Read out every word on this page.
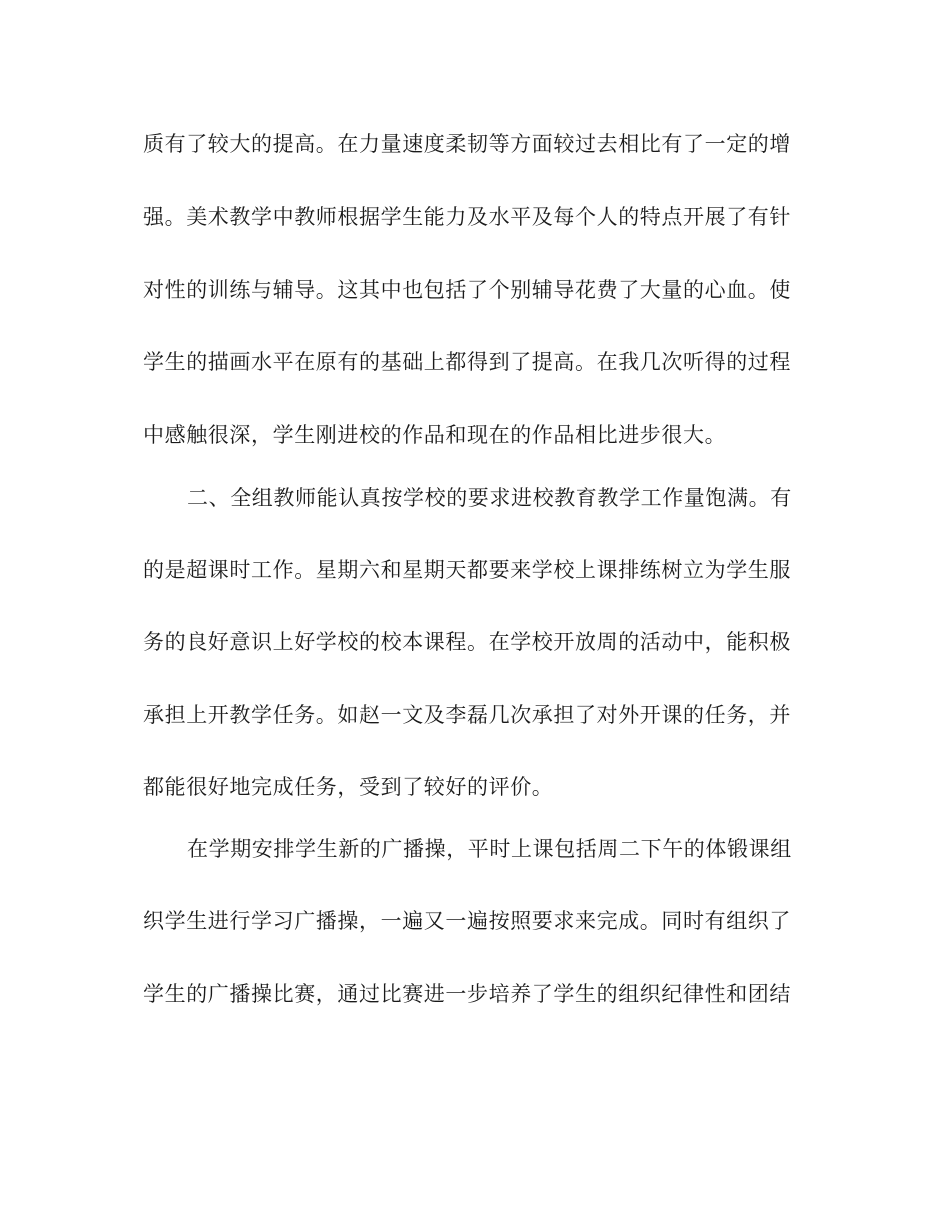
质有了较大的提高。在力量速度柔韧等方面较过去相比有了一定的增
强。美术教学中教师根据学生能力及水平及每个人的特点开展了有针
对性的训练与辅导。这其中也包括了个别辅导花费了大量的心血。使
学生的描画水平在原有的基础上都得到了提高。在我几次听得的过程
中感触很深，学生刚进校的作品和现在的作品相比进步很大。
二、全组教师能认真按学校的要求进校教育教学工作量饱满。有
的是超课时工作。星期六和星期天都要来学校上课排练树立为学生服
务的良好意识上好学校的校本课程。在学校开放周的活动中，能积极
承担上开教学任务。如赵一文及李磊几次承担了对外开课的任务，并
都能很好地完成任务，受到了较好的评价。
在学期安排学生新的广播操，平时上课包括周二下午的体锻课组
织学生进行学习广播操，一遍又一遍按照要求来完成。同时有组织了
学生的广播操比赛，通过比赛进一步培养了学生的组织纪律性和团结
